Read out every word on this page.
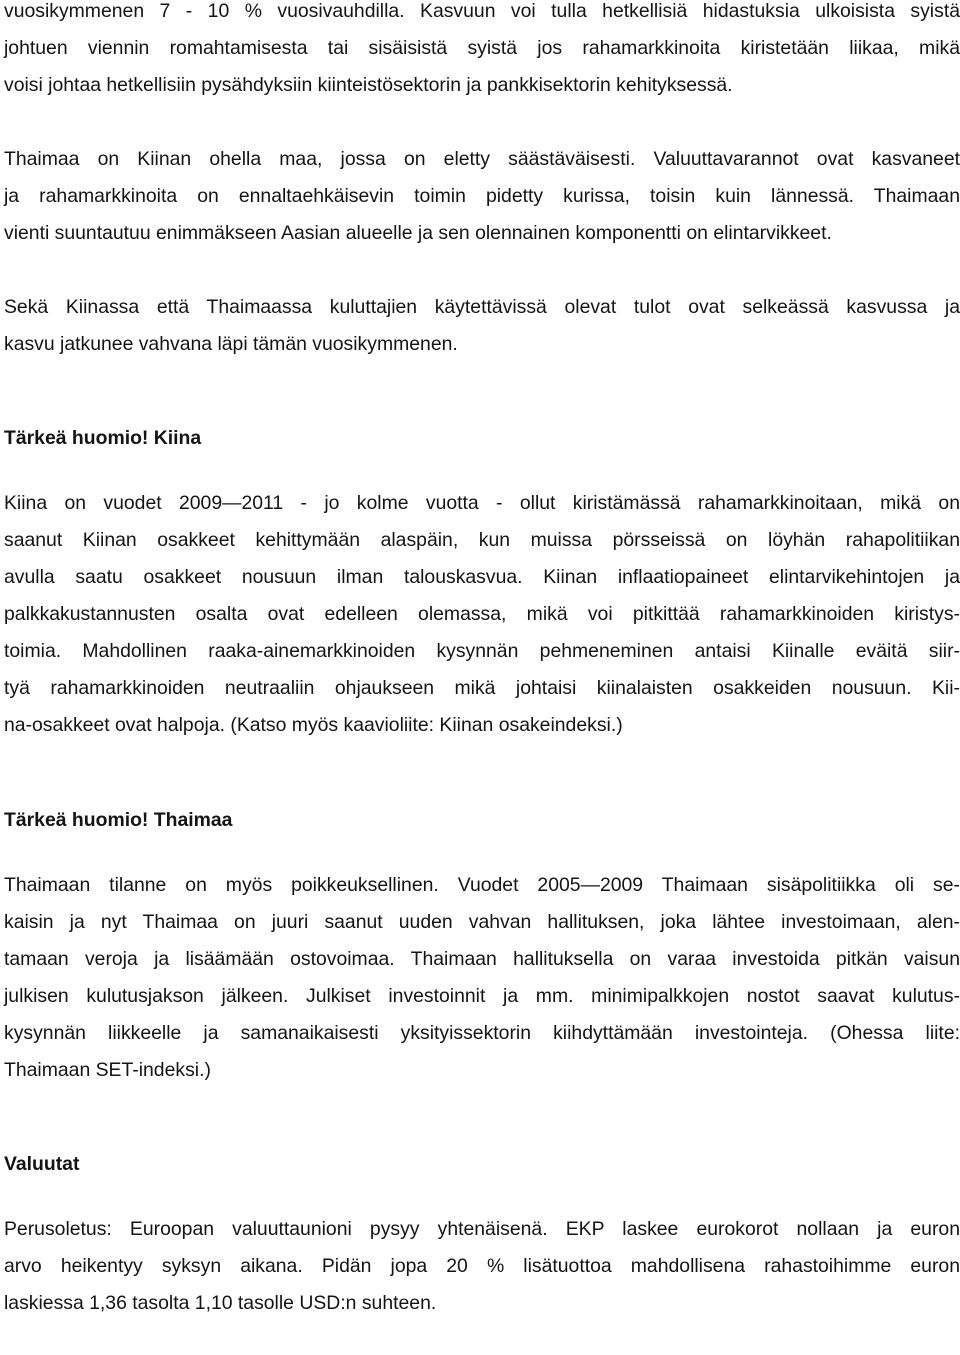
vuosikymmenen 7 - 10 % vuosivauhdilla. Kasvuun voi tulla hetkellisiä hidastuksia ulkoisista syistä
johtuen viennin romahtamisesta tai sisäisistä syistä jos rahamarkkinoita kiristetään liikaa, mikä
voisi johtaa hetkellisiin pysähdyksiin kiinteistösektorin ja pankkisektorin kehityksessä.
Thaimaa on Kiinan ohella maa, jossa on eletty säästäväisesti. Valuuttavarannot ovat kasvaneet
ja rahamarkkinoita on ennaltaehkäisevin toimin pidetty kurissa, toisin kuin lännessä. Thaimaan
vienti suuntautuu enimmäkseen Aasian alueelle ja sen olennainen komponentti on elintarvikkeet.
Sekä Kiinassa että Thaimaassa kuluttajien käytettävissä olevat tulot ovat selkeässä kasvussa ja
kasvu jatkunee vahvana läpi tämän vuosikymmenen.
Tärkeä huomio! Kiina
Kiina on vuodet 2009—2011 - jo kolme vuotta - ollut kiristämässä rahamarkkinoitaan, mikä on
saanut Kiinan osakkeet kehittymään alaspäin, kun muissa pörsseissä on löyhän rahapolitiikan
avulla saatu osakkeet nousuun ilman talouskasvua. Kiinan inflaatiopaineet elintarvikehintojen ja
palkkakustannusten osalta ovat edelleen olemassa, mikä voi pitkittää rahamarkkinoiden kiristys-
toimia. Mahdollinen raaka-ainemarkkinoiden kysynnän pehmeneminen antaisi Kiinalle eväitä siir-
tyä rahamarkkinoiden neutraaliin ohjaukseen mikä johtaisi kiinalaisten osakkeiden nousuun. Kii-
na-osakkeet ovat halpoja. (Katso myös kaavioliite: Kiinan osakeindeksi.)
Tärkeä huomio! Thaimaa
Thaimaan tilanne on myös poikkeuksellinen. Vuodet 2005—2009 Thaimaan sisäpolitiikka oli se-
kaisin ja nyt Thaimaa on juuri saanut uuden vahvan hallituksen, joka lähtee investoimaan, alen-
tamaan veroja ja lisäämään ostovoimaa. Thaimaan hallituksella on varaa investoida pitkän vaisun
julkisen kulutusjakson jälkeen. Julkiset investoinnit ja mm. minimipalkkojen nostot saavat kulutus-
kysynnän liikkeelle ja samanaikaisesti yksityissektorin kiihdyttämään investointeja. (Ohessa liite:
Thaimaan SET-indeksi.)
Valuutat
Perusoletus: Euroopan valuuttaunioni pysyy yhtenäisenä. EKP laskee eurokorot nollaan ja euron
arvo heikentyy syksyn aikana. Pidän jopa 20 % lisätuottoa mahdollisena rahastoihimme euron
laskiessa 1,36 tasolta 1,10 tasolle USD:n suhteen.
